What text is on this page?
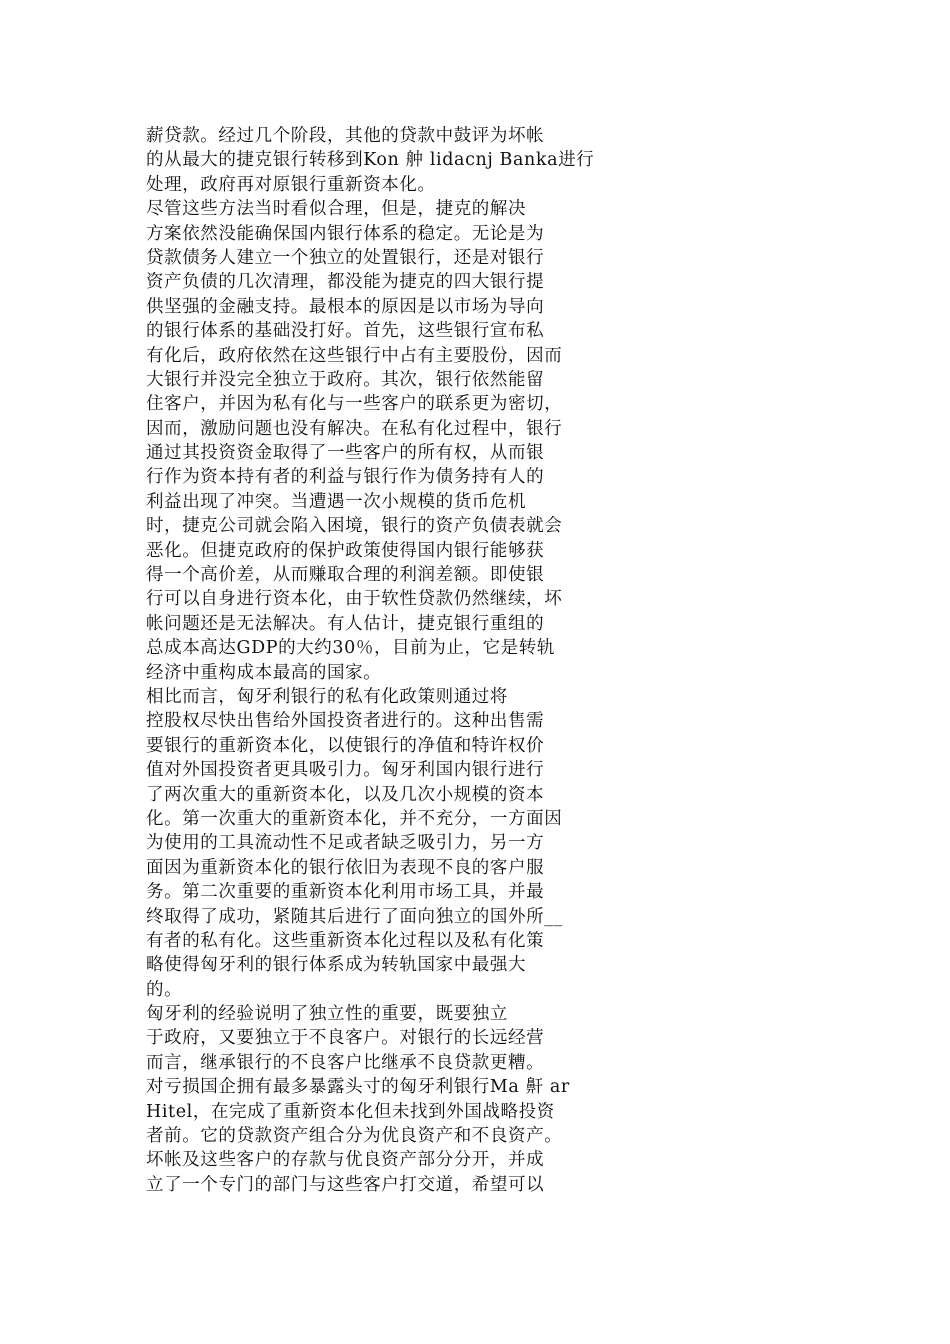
薪贷款。经过几个阶段，其他的贷款中鼓评为坏帐
的从最大的捷克银行转移到Kon 舯 lidacnj Banka进行
处理，政府再对原银行重新资本化。
尽管这些方法当时看似合理，但是，捷克的解决
方案依然没能确保国内银行体系的稳定。无论是为
贷款债务人建立一个独立的处置银行，还是对银行
资产负债的几次清理，都没能为捷克的四大银行提
供坚强的金融支持。最根本的原因是以市场为导向
的银行体系的基础没打好。首先，这些银行宣布私
有化后，政府依然在这些银行中占有主要股份，因而
大银行并没完全独立于政府。其次，银行依然能留
住客户，并因为私有化与一些客户的联系更为密切，
因而，激励问题也没有解决。在私有化过程中，银行
通过其投资资金取得了一些客户的所有权，从而银
行作为资本持有者的利益与银行作为债务持有人的
利益出现了冲突。当遭遇一次小规模的货币危机
时，捷克公司就会陷入困境，银行的资产负债表就会
恶化。但捷克政府的保护政策使得国内银行能够获
得一个高价差，从而赚取合理的利润差额。即使银
行可以自身进行资本化，由于软性贷款仍然继续，坏
帐问题还是无法解决。有人估计，捷克银行重组的
总成本高达GDP的大约30％，目前为止，它是转轨
经济中重构成本最高的国家。
相比而言，匈牙利银行的私有化政策则通过将
控股权尽快出售给外国投资者进行的。这种出售需
要银行的重新资本化，以使银行的净值和特许权价
值对外国投资者更具吸引力。匈牙利国内银行进行
了两次重大的重新资本化，以及几次小规模的资本
化。第一次重大的重新资本化，并不充分，一方面因
为使用的工具流动性不足或者缺乏吸引力，另一方
面因为重新资本化的银行依旧为表现不良的客户服
务。第二次重要的重新资本化利用市场工具，并最
终取得了成功，紧随其后进行了面向独立的国外所__
有者的私有化。这些重新资本化过程以及私有化策
略使得匈牙利的银行体系成为转轨国家中最强大
的。
匈牙利的经验说明了独立性的重要，既要独立
于政府，又要独立于不良客户。对银行的长远经营
而言，继承银行的不良客户比继承不良贷款更糟。
对亏损国企拥有最多暴露头寸的匈牙利银行Ma 鼾 ar
Hitel，在完成了重新资本化但未找到外国战略投资
者前。它的贷款资产组合分为优良资产和不良资产。
坏帐及这些客户的存款与优良资产部分分开，并成
立了一个专门的部门与这些客户打交道，希望可以
